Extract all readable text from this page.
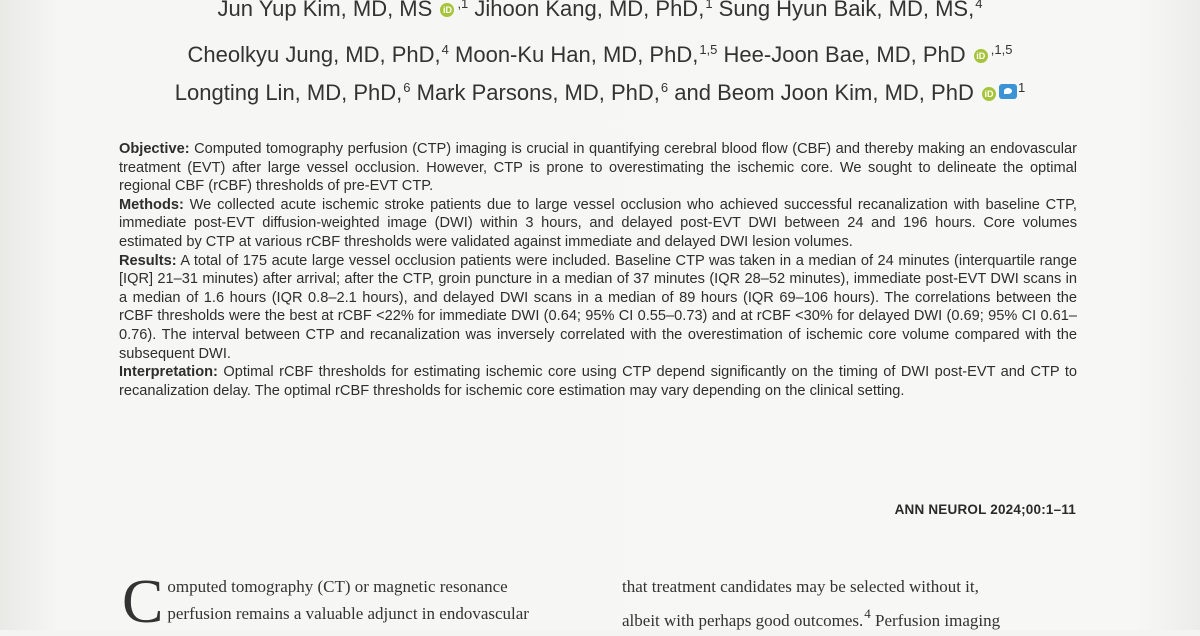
Jun Yup Kim, MD, MS iD $^{,1}$ Jihoon Kang, MD, PhD,$^1$ Sung Hyun Baik, MD, MS,$^4$
Cheolkyu Jung, MD, PhD,$^4$ Moon-Ku Han, MD, PhD,$^{1,5}$ Hee-Joon Bae, MD, PhD iD $^{,1,5}$
Longting Lin, MD, PhD,$^6$ Mark Parsons, MD, PhD,$^6$ and Beom Joon Kim, MD, PhD iD $^1$

Objective: Computed tomography perfusion (CTP) imaging is crucial in quantifying cerebral blood flow (CBF) and thereby making an endovascular treatment (EVT) after large vessel occlusion. However, CTP is prone to overestimating the ischemic core. We sought to delineate the optimal regional CBF (rCBF) thresholds of pre-EVT CTP.

Methods: We collected acute ischemic stroke patients due to large vessel occlusion who achieved successful recanalization with baseline CTP, immediate post-EVT diffusion-weighted image (DWI) within 3 hours, and delayed post-EVT DWI between 24 and 196 hours. Core volumes estimated by CTP at various rCBF thresholds were validated against immediate and delayed DWI lesion volumes.

Results: A total of 175 acute large vessel occlusion patients were included. Baseline CTP was taken in a median of 24 minutes (interquartile range [IQR] 21–31 minutes) after arrival; after the CTP, groin puncture in a median of 37 minutes (IQR 28–52 minutes), immediate post-EVT DWI scans in a median of 1.6 hours (IQR 0.8–2.1 hours), and delayed DWI scans in a median of 89 hours (IQR 69–106 hours). The correlations between the rCBF thresholds were the best at rCBF <22% for immediate DWI (0.64; 95% CI 0.55–0.73) and at rCBF <30% for delayed DWI (0.69; 95% CI 0.61–0.76). The interval between CTP and recanalization was inversely correlated with the overestimation of ischemic core volume compared with the subsequent DWI.

Interpretation: Optimal rCBF thresholds for estimating ischemic core using CTP depend significantly on the timing of DWI post-EVT and CTP to recanalization delay. The optimal rCBF thresholds for ischemic core estimation may vary depending on the clinical setting.

ANN NEUROL 2024;00:1–11
C omputed tomography (CT) or magnetic resonance
perfusion remains a valuable adjunct in endovascular
that treatment candidates may be selected without it,
albeit with perhaps good outcomes.$^4$ Perfusion imaging
